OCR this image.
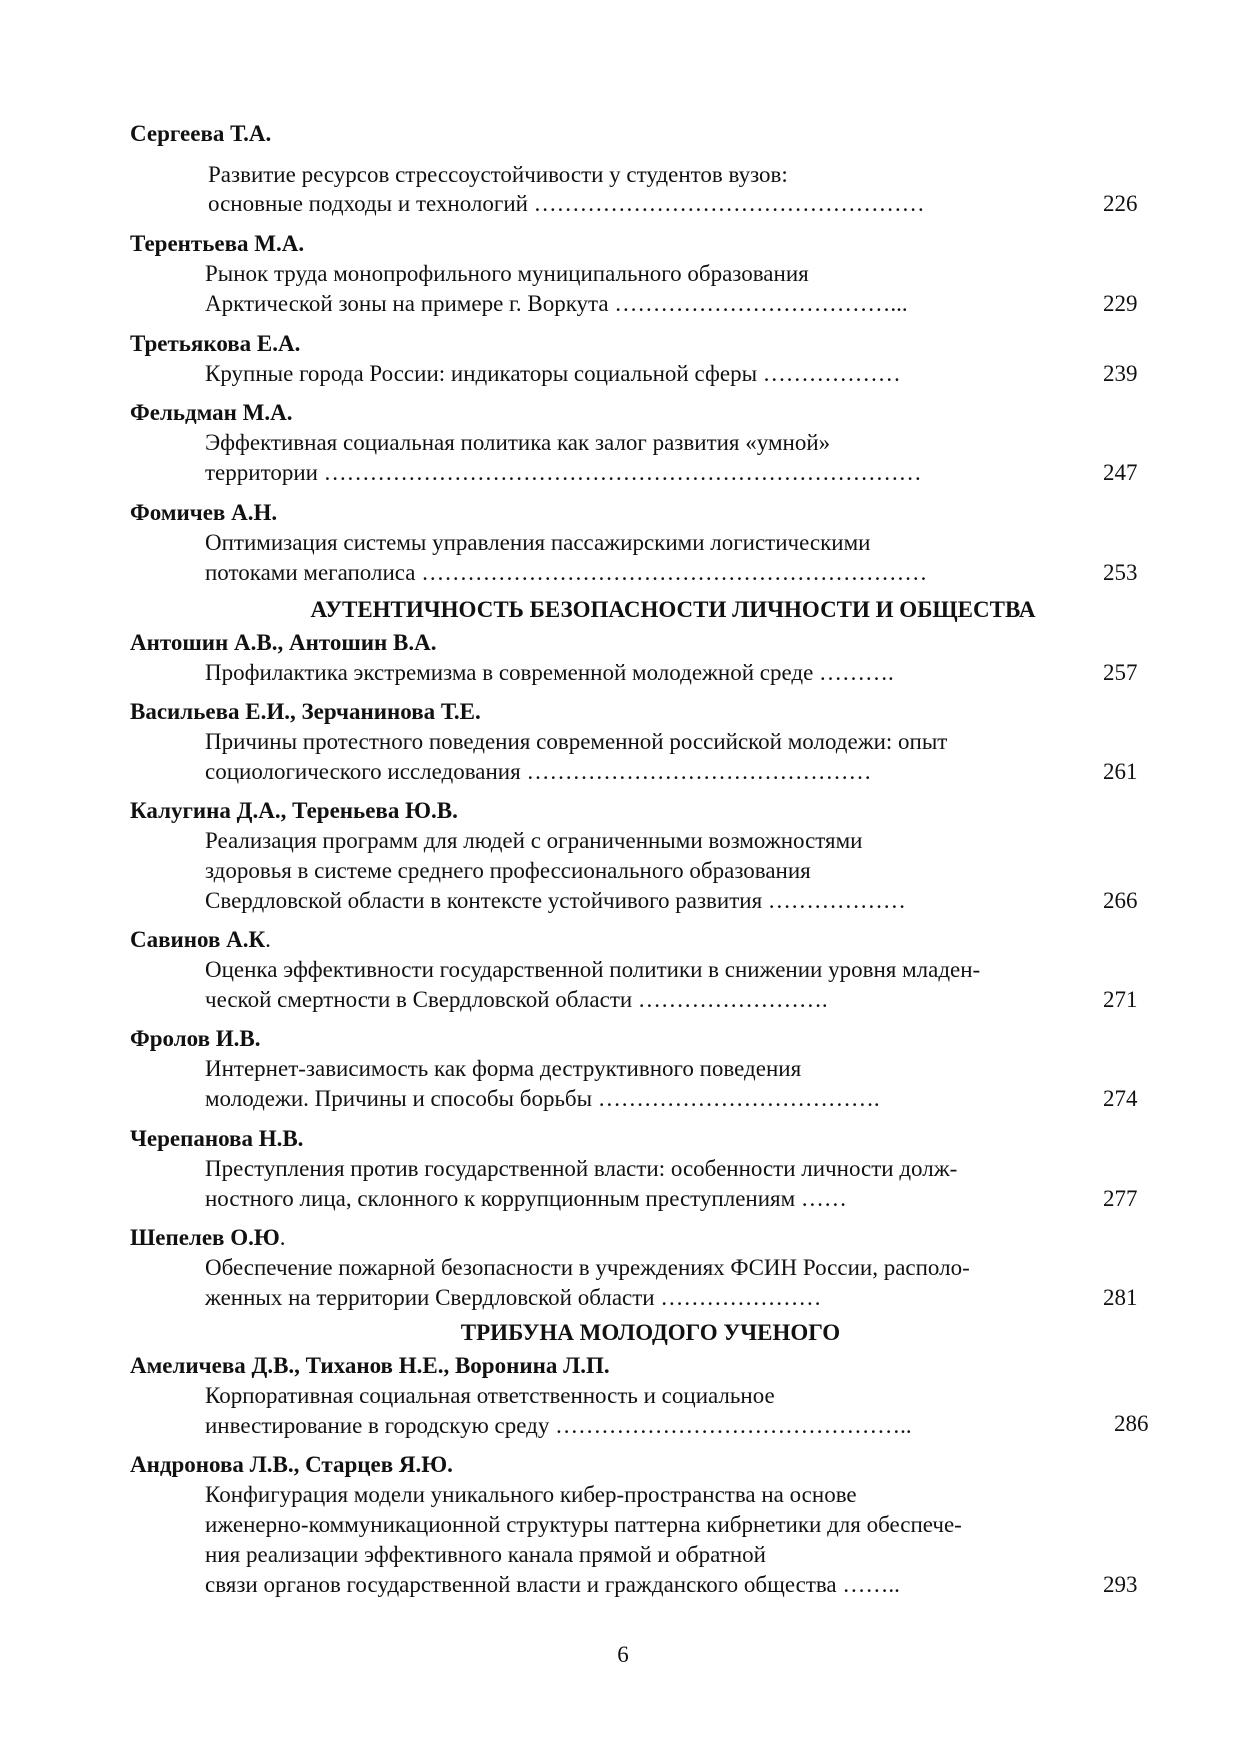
Сергеева Т.А.
Развитие ресурсов стрессоустойчивости у студентов вузов:
основные подходы и технологий ……………………………………………	226
Терентьева М.А.
Рынок труда монопрофильного муниципального образования
Арктической зоны на примере г. Воркута ………………………………...	229
Третьякова Е.А.
Крупные города России: индикаторы социальной сферы ………………	239
Фельдман М.А.
Эффективная социальная политика как залог развития «умной»
территории ……………………………………………………………………	247
Фомичев А.Н.
Оптимизация системы управления пассажирскими логистическими
потоками мегаполиса …………………………………………………………	253
АУТЕНТИЧНОСТЬ БЕЗОПАСНОСТИ ЛИЧНОСТИ И ОБЩЕСТВА
Антошин А.В., Антошин В.А.
Профилактика экстремизма в современной молодежной среде ……….	257
Васильева Е.И., Зерчанинова Т.Е.
Причины протестного поведения современной российской молодежи: опыт
социологического исследования ………………………………………	261
Калугина Д.А., Тереньева Ю.В.
Реализация программ для людей с ограниченными возможностями
здоровья в системе среднего профессионального образования
Свердловской области в контексте устойчивого развития ………………	266
Савинов А.К.
Оценка эффективности государственной политики в снижении уровня младен-
ческой смертности в Свердловской области …………………….	271
Фролов И.В.
Интернет-зависимость как форма деструктивного поведения
молодежи. Причины и способы борьбы ……………………………….	274
Черепанова Н.В.
Преступления против государственной власти: особенности личности долж-
ностного лица, склонного к коррупционным преступлениям ……	277
Шепелев О.Ю.
Обеспечение пожарной безопасности в учреждениях ФСИН России, располо-
женных на территории Свердловской области …………………	281
ТРИБУНА МОЛОДОГО УЧЕНОГО
Амеличева Д.В., Тиханов Н.Е., Воронина Л.П.
Корпоративная социальная ответственность и социальное
инвестирование в городскую среду ………………………………………..	286
Андронова Л.В., Старцев Я.Ю.
Конфигурация модели уникального кибер-пространства на основе
иженерно-коммуникационной структуры паттерна кибрнетики для обеспече-
ния реализации эффективного канала прямой и обратной
связи органов государственной власти и гражданского общества ……..	293
6
